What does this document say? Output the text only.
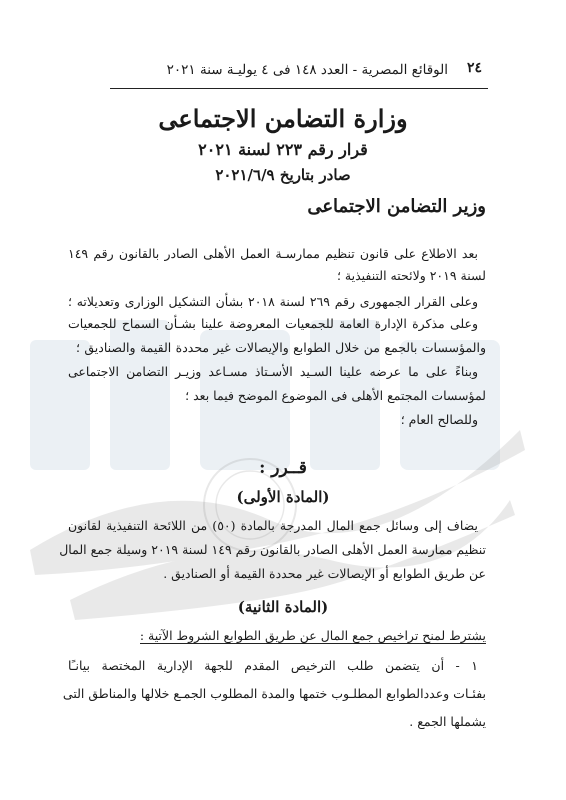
٢٤
الوقائع المصرية - العدد ١٤٨ فى ٤ يوليـة سنة ٢٠٢١
وزارة التضامن الاجتماعى
قرار رقم ٢٢٣ لسنة ٢٠٢١
صادر بتاريخ ٢٠٢١/٦/٩
وزير التضامن الاجتماعى
بعد الاطلاع على قانون تنظيم ممارسـة العمل الأهلى الصادر بالقانون رقم ١٤٩
لسنة ٢٠١٩ ولائحته التنفيذية ؛
وعلى القرار الجمهورى رقم ٢٦٩ لسنة ٢٠١٨ بشأن التشكيل الوزارى وتعديلاته ؛
وعلى مذكرة الإدارة العامة للجمعيات المعروضة علينا بشـأن السماح للجمعيات
والمؤسسات بالجمع من خلال الطوابع والإيصالات غير محددة القيمة والصناديق ؛
وبناءً على ما عرضه علينا السـيد الأسـتاذ مسـاعد وزيـر التضامن الاجتماعى
لمؤسسات المجتمع الأهلى فى الموضوع الموضح فيما بعد ؛
وللصالح العام ؛
قــرر :
(المادة الأولى)
يضاف إلى وسائل جمع المال المدرجة بالمادة (٥٠) من اللائحة التنفيذية لقانون
تنظيم ممارسة العمل الأهلى الصادر بالقانون رقم ١٤٩ لسنة ٢٠١٩ وسيلة جمع المال
عن طريق الطوابع أو الإيصالات غير محددة القيمة أو الصناديق .
(المادة الثانية)
يشترط لمنح تراخيص جمع المال عن طريق الطوابع الشروط الآتية :
١ - أن يتضمن طلب الترخيص المقدم للجهة الإدارية المختصة بيانـًا
بفئـات وعددالطوابع المطلـوب ختمها والمدة المطلوب الجمـع خلالها والمناطق التى
يشملها الجمع .
